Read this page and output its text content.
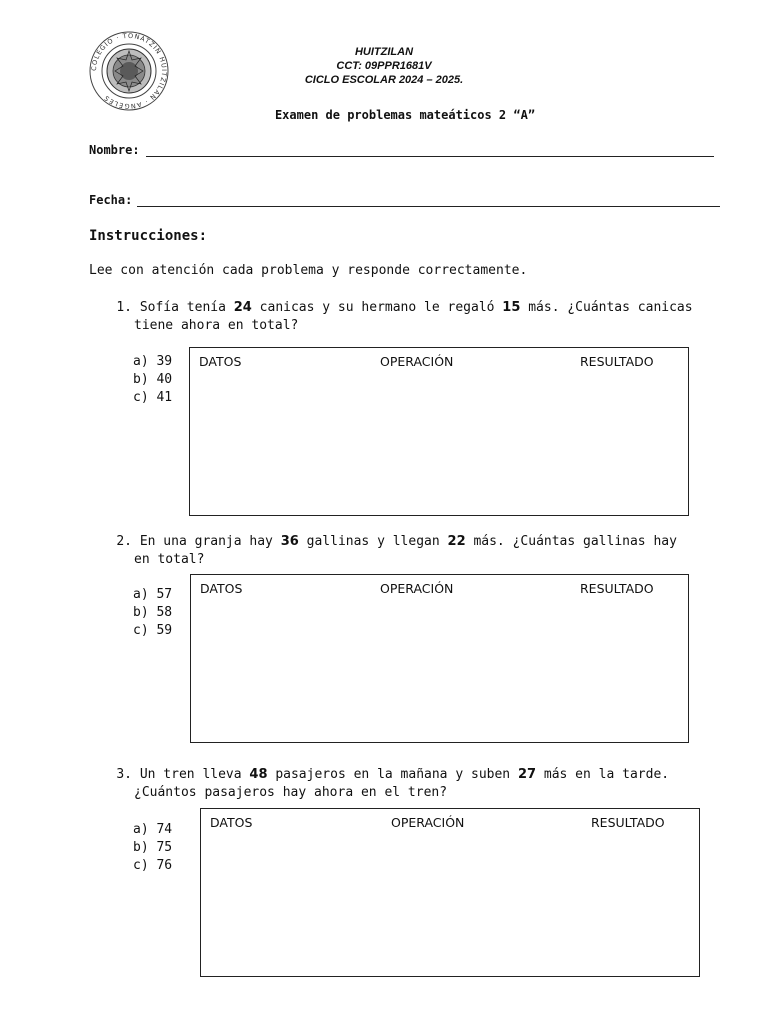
COLEGIO · TONATZIN HUITZILAN · ANGELES
HUITZILAN
CCT: 09PPR1681V
CICLO ESCOLAR 2024 – 2025.
Examen de problemas mateáticos 2 “A”
Nombre:
Fecha:
Instrucciones:
Lee con atención cada problema y responde correctamente.
1. Sofía tenía 24 canicas y su hermano le regaló 15 más. ¿Cuántas canicas
tiene ahora en total?
a) 39
b) 40
c) 41
DATOS	OPERACIÓN	RESULTADO
2. En una granja hay 36 gallinas y llegan 22 más. ¿Cuántas gallinas hay
en total?
a) 57
b) 58
c) 59
DATOS	OPERACIÓN	RESULTADO
3. Un tren lleva 48 pasajeros en la mañana y suben 27 más en la tarde.
¿Cuántos pasajeros hay ahora en el tren?
a) 74
b) 75
c) 76
DATOS	OPERACIÓN	RESULTADO
